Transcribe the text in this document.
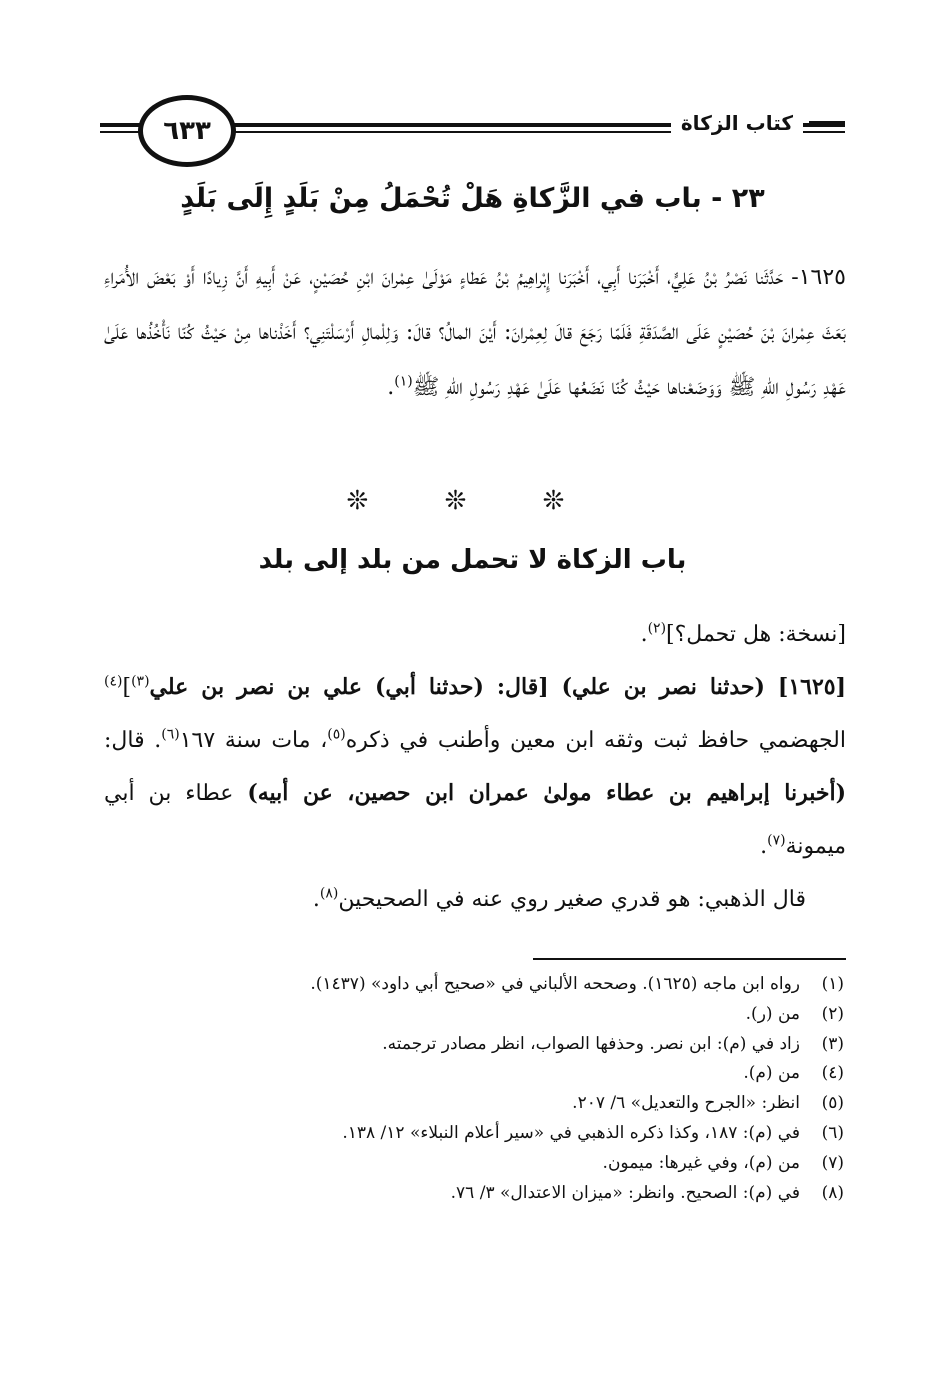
كتاب الزكاة
٦٣٣
٢٣ - باب في الزَّكاةِ هَلْ تُحْمَلُ مِنْ بَلَدٍ إِلَى بَلَدٍ
١٦٢٥- حَدَّثَنا نَصْرُ بْنُ عَلِيٍّ، أَخْبَرَنا أَبِي، أَخْبَرَنا إِبْراهِيمُ بْنُ عَطاءٍ مَوْلَىٰ عِمْرانَ ابْنِ حُصَيْنٍ، عَنْ أَبِيهِ أَنَّ زِيادًا أَوْ بَعْضَ الأُمَراءِ بَعَثَ عِمْرانَ بْنَ حُصَيْنٍ عَلَى الصَّدَقَةِ فَلَمّا رَجَعَ قالَ لِعِمْرانَ: أَيْنَ المالُ؟ قالَ: وَلِلْمالِ أَرْسَلْتَنِي؟ أَخَذْناها مِنْ حَيْثُ كُنّا نَأْخُذُها عَلَىٰ عَهْدِ رَسُولِ اللهِ ﷺ وَوَضَعْناها حَيْثُ كُنّا نَضَعُها عَلَىٰ عَهْدِ رَسُولِ اللهِ ﷺ$^{(١)}$.
❊ ❊ ❊
باب الزكاة لا تحمل من بلد إلى بلد

[نسخة: هل تحمل؟]$^{(٢)}$.

[١٦٢٥] (حدثنا نصر بن علي) [قال: (حدثنا أبي) علي بن نصر بن علي$^{(٣)}$]$^{(٤)}$ الجهضمي حافظ ثبت وثقه ابن معين وأطنب في ذكره$^{(٥)}$، مات سنة ١٦٧$^{(٦)}$. قال: (أخبرنا إبراهيم بن عطاء مولىٰ عمران ابن حصين، عن أبيه) عطاء بن أبي ميمونة$^{(٧)}$.

قال الذهبي: هو قدري صغير روي عنه في الصحيحين$^{(٨)}$.

(١)
رواه ابن ماجه (١٦٢٥). وصححه الألباني في «صحيح أبي داود» (١٤٣٧).
(٢)
من (ر).
(٣)
زاد في (م): ابن نصر. وحذفها الصواب، انظر مصادر ترجمته.
(٤)
من (م).
(٥)
انظر: «الجرح والتعديل» ٦/ ٢٠٧.
(٦)
في (م): ١٨٧، وكذا ذكره الذهبي في «سير أعلام النبلاء» ١٢/ ١٣٨.
(٧)
من (م)، وفي غيرها: ميمون.
(٨)
في (م): الصحيح. وانظر: «ميزان الاعتدال» ٣/ ٧٦.
